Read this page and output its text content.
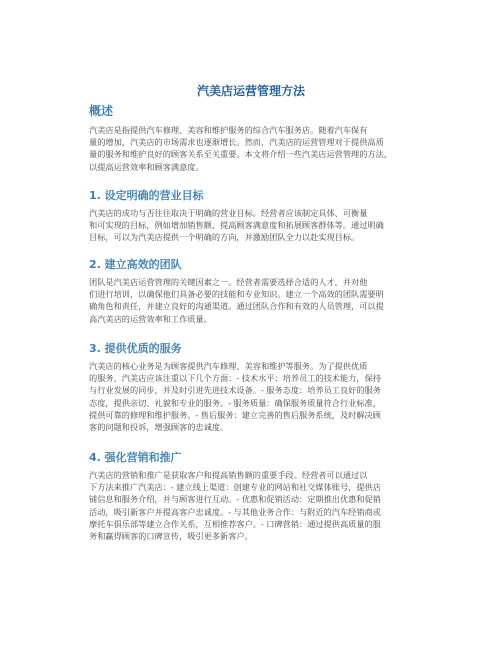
汽美店运营管理方法
概述

汽美店是指提供汽车修理、美容和维护服务的综合汽车服务店。随着汽车保有
量的增加，汽美店的市场需求也逐渐增长。然而，汽美店的运营管理对于提供高质
量的服务和维护良好的顾客关系至关重要。本文将介绍一些汽美店运营管理的方法，
以提高运营效率和顾客满意度。

1. 设定明确的营业目标

汽美店的成功与否往往取决于明确的营业目标。经营者应该制定具体、可衡量
和可实现的目标，例如增加销售额、提高顾客满意度和拓展顾客群体等。通过明确
目标，可以为汽美店提供一个明确的方向，并激励团队全力以赴实现目标。

2. 建立高效的团队

团队是汽美店运营管理的关键因素之一。经营者需要选择合适的人才，并对他
们进行培训，以确保他们具备必要的技能和专业知识。建立一个高效的团队需要明
确角色和责任，并建立良好的沟通渠道。通过团队合作和有效的人员管理，可以提
高汽美店的运营效率和工作质量。

3. 提供优质的服务

汽美店的核心业务是为顾客提供汽车修理、美容和维护等服务。为了提供优质
的服务，汽美店应该注重以下几个方面：- 技术水平：培养员工的技术能力，保持
与行业发展的同步，并及时引进先进技术设备。- 服务态度：培养员工良好的服务
态度，提供亲切、礼貌和专业的服务。- 服务质量：确保服务质量符合行业标准，
提供可靠的修理和维护服务。- 售后服务：建立完善的售后服务系统，及时解决顾
客的问题和投诉，增强顾客的忠诚度。

4. 强化营销和推广

汽美店的营销和推广是获取客户和提高销售额的重要手段。经营者可以通过以
下方法来推广汽美店：- 建立线上渠道：创建专业的网站和社交媒体账号，提供店
铺信息和服务介绍，并与顾客进行互动。- 优惠和促销活动：定期推出优惠和促销
活动，吸引新客户并提高客户忠诚度。- 与其他业务合作：与附近的汽车经销商或
摩托车俱乐部等建立合作关系，互相推荐客户。- 口碑营销：通过提供高质量的服
务和赢得顾客的口碑宣传，吸引更多新客户。
